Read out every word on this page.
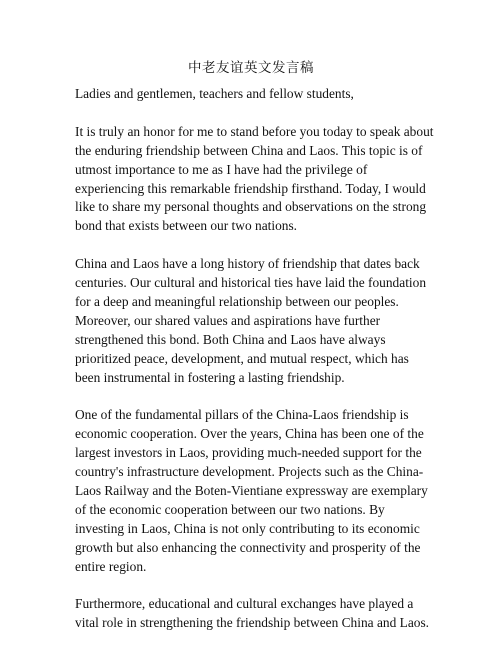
中老友谊英文发言稿

Ladies and gentlemen, teachers and fellow students,

It is truly an honor for me to stand before you today to speak about
the enduring friendship between China and Laos. This topic is of
utmost importance to me as I have had the privilege of
experiencing this remarkable friendship firsthand. Today, I would
like to share my personal thoughts and observations on the strong
bond that exists between our two nations.

China and Laos have a long history of friendship that dates back
centuries. Our cultural and historical ties have laid the foundation
for a deep and meaningful relationship between our peoples.
Moreover, our shared values and aspirations have further
strengthened this bond. Both China and Laos have always
prioritized peace, development, and mutual respect, which has
been instrumental in fostering a lasting friendship.

One of the fundamental pillars of the China-Laos friendship is
economic cooperation. Over the years, China has been one of the
largest investors in Laos, providing much-needed support for the
country's infrastructure development. Projects such as the China-
Laos Railway and the Boten-Vientiane expressway are exemplary
of the economic cooperation between our two nations. By
investing in Laos, China is not only contributing to its economic
growth but also enhancing the connectivity and prosperity of the
entire region.

Furthermore, educational and cultural exchanges have played a
vital role in strengthening the friendship between China and Laos.
